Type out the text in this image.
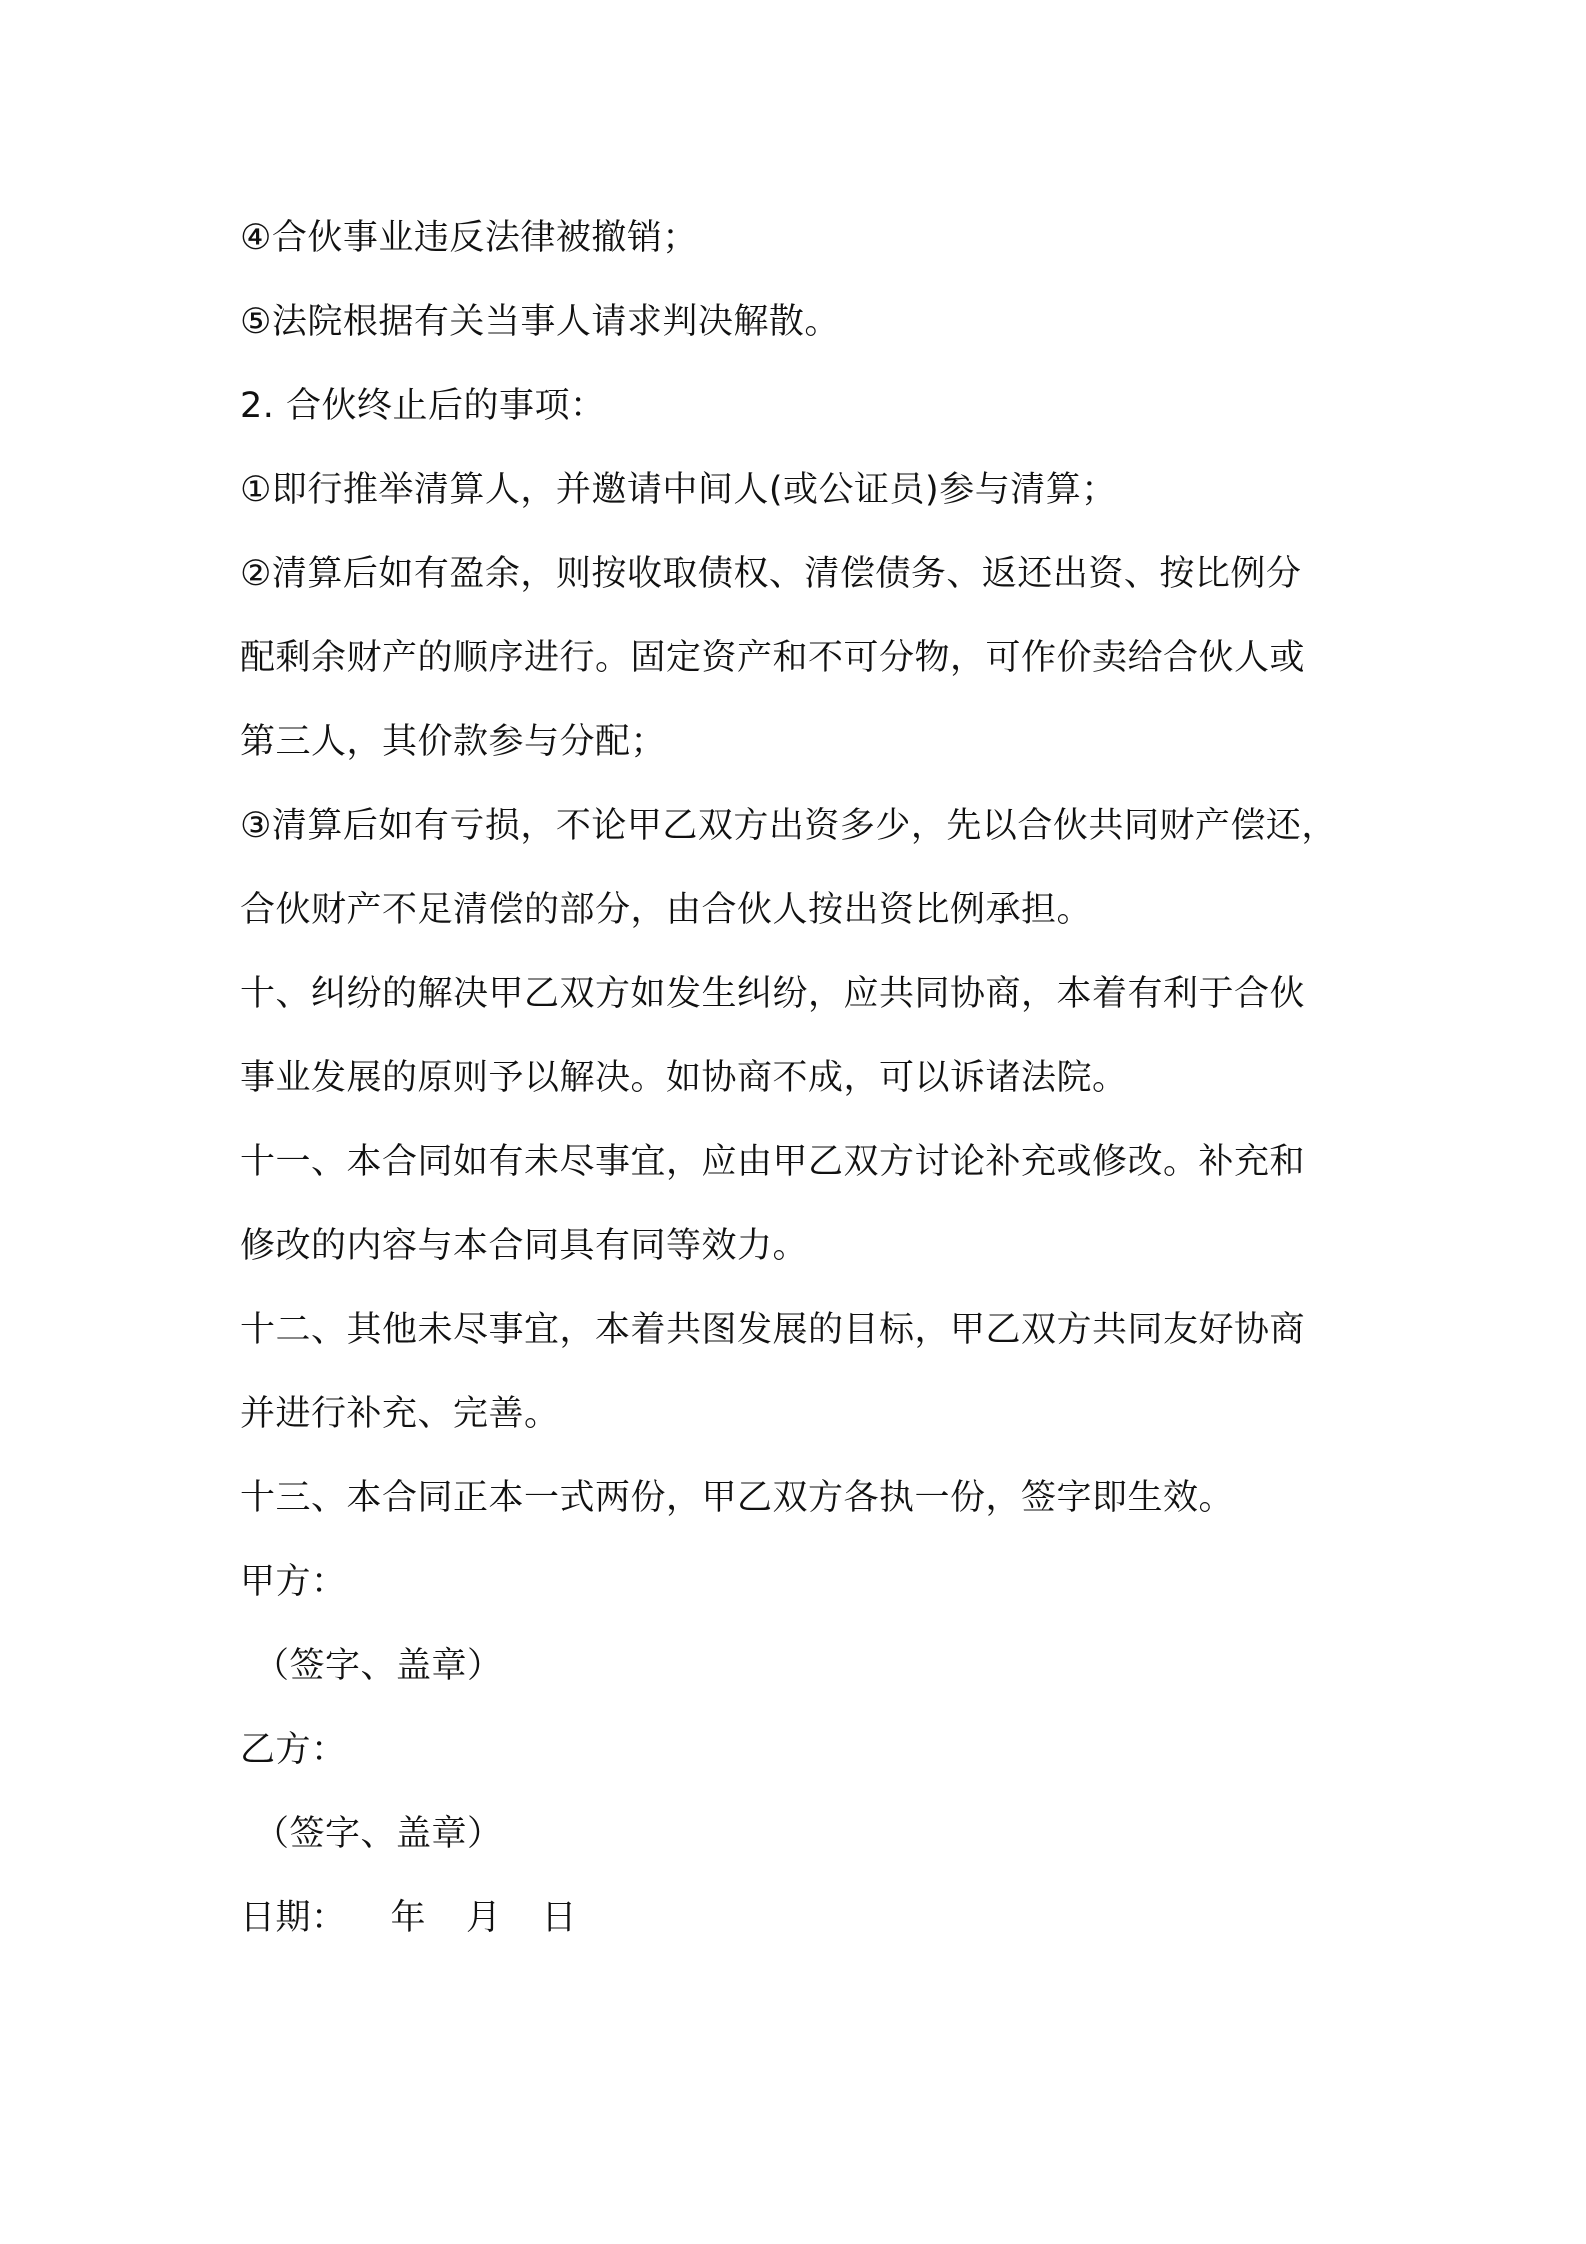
④合伙事业违反法律被撤销；
⑤法院根据有关当事人请求判决解散。
2. 合伙终止后的事项：
①即行推举清算人，并邀请中间人(或公证员)参与清算；
②清算后如有盈余，则按收取债权、清偿债务、返还出资、按比例分
配剩余财产的顺序进行。固定资产和不可分物，可作价卖给合伙人或
第三人，其价款参与分配；
③清算后如有亏损，不论甲乙双方出资多少，先以合伙共同财产偿还，
合伙财产不足清偿的部分，由合伙人按出资比例承担。
十、纠纷的解决甲乙双方如发生纠纷，应共同协商，本着有利于合伙
事业发展的原则予以解决。如协商不成，可以诉诸法院。
十一、本合同如有未尽事宜，应由甲乙双方讨论补充或修改。补充和
修改的内容与本合同具有同等效力。
十二、其他未尽事宜，本着共图发展的目标，甲乙双方共同友好协商
并进行补充、完善。
十三、本合同正本一式两份，甲乙双方各执一份，签字即生效。
甲方：
（签字、盖章）
乙方：
（签字、盖章）
日期： 年 月 日
